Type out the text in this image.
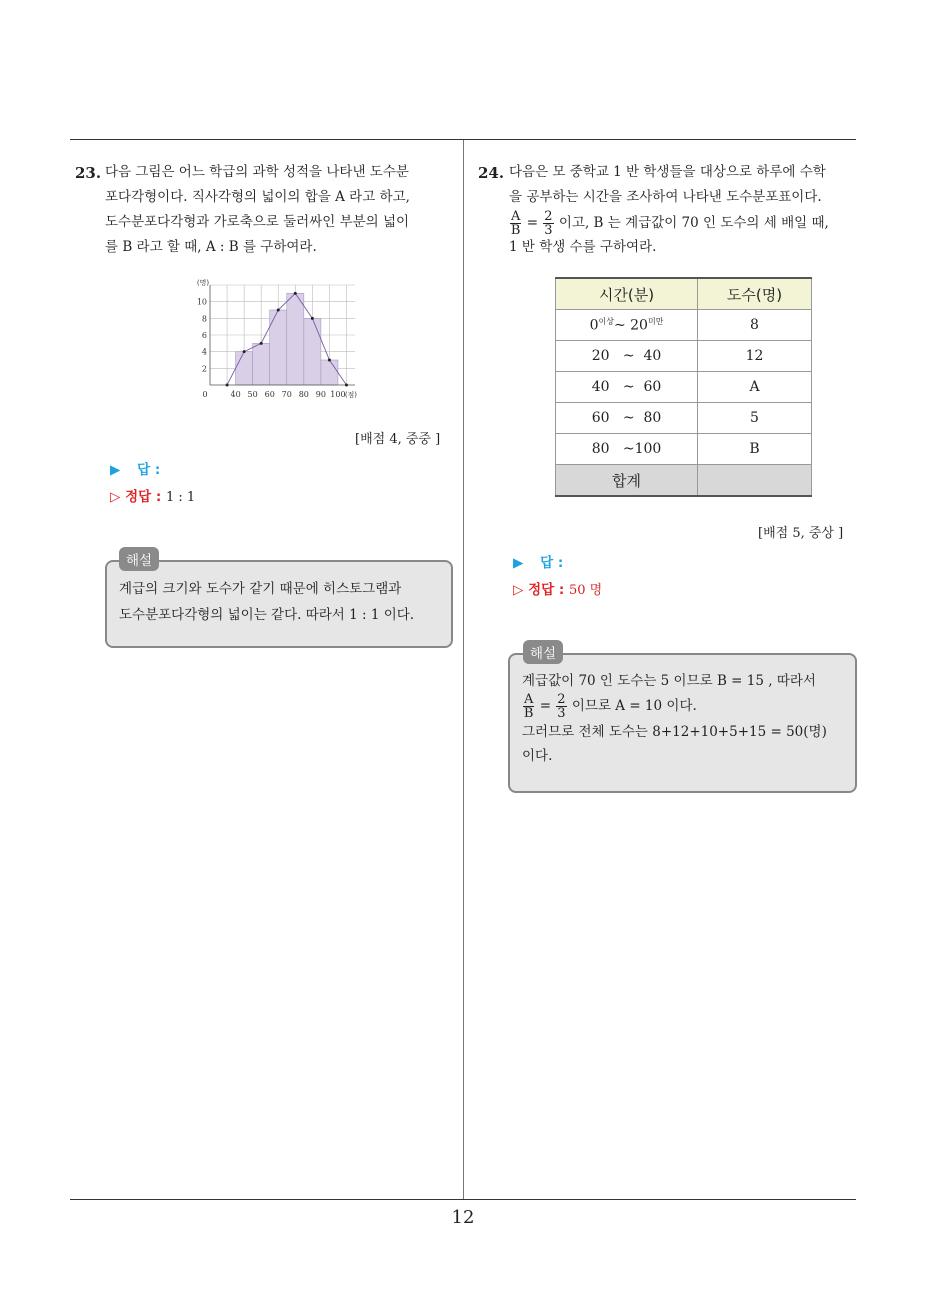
12
23. 다음 그림은 어느 학급의 과학 성적을 나타낸 도수분
포다각형이다. 직사각형의 넓이의 합을 A 라고 하고,
도수분포다각형과 가로축으로 둘러싸인 부분의 넓이
를 B 라고 할 때, A : B 를 구하여라.
2
4
6
8
10
(명)
0	40 50 60 70 80 90 100 (점)
[배점 4, 중중 ]
▶ 답 :
▷ 정답 : 1 : 1
계급의 크기와 도수가 같기 때문에 히스토그램과
도수분포다각형의 넓이는 같다. 따라서 1 : 1 이다.
해설
24. 다음은 모 중학교 1 반 학생들을 대상으로 하루에 수학
을 공부하는 시간을 조사하여 나타낸 도수분포표이다.
$\frac{A}{B} = \frac{2}{3}$ 이고, B 는 계급값이 70 인 도수의 세 배일 때,
1 반 학생 수를 구하여라.
시간(분)	도수(명)
$0^{이상}\sim$ $20^{미만}$	8
20   ~  40	12
40   ~  60	A
60   ~  80	5
80   ~100	B
합계	
[배점 5, 중상 ]
▶ 답 :
▷ 정답 : 50 명
계급값이 70 인 도수는 5 이므로 B = 15 , 따라서
$\frac{A}{B} = \frac{2}{3}$ 이므로 A = 10 이다.
그러므로 전체 도수는 8+12+10+5+15 = 50(명)
이다.
해설
